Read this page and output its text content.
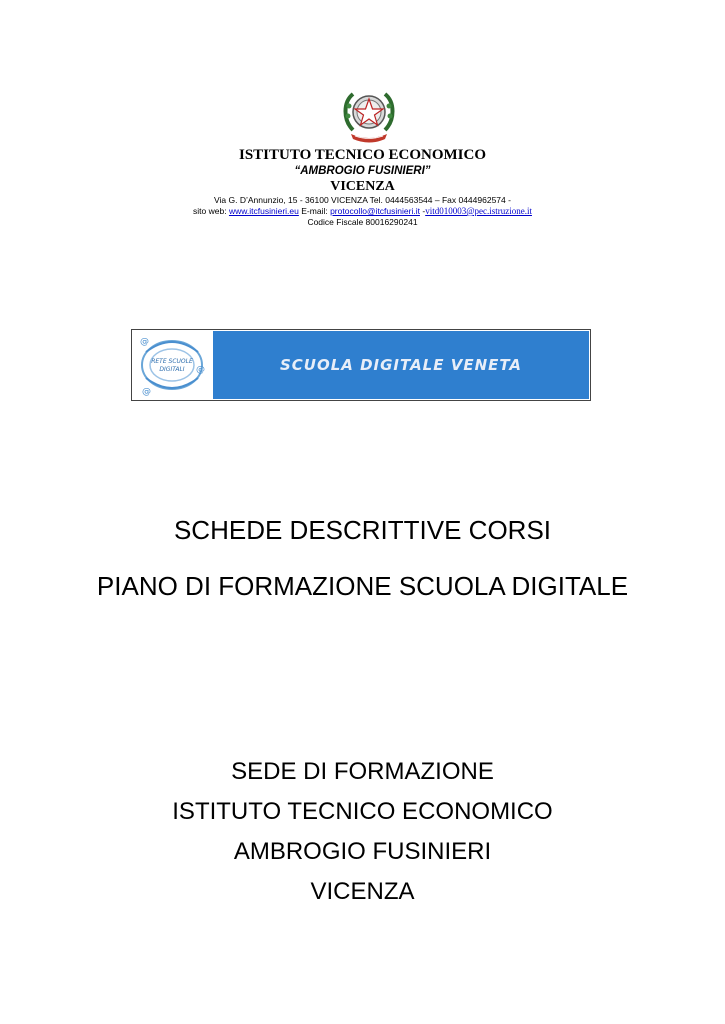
ISTITUTO TECNICO ECONOMICO
“AMBROGIO FUSINIERI”
VICENZA
Via G. D’Annunzio, 15 - 36100 VICENZA Tel. 0444563544 – Fax 0444962574 -
sito web: www.itcfusinieri.eu E-mail: protocollo@itcfusinieri.it -vitd010003@pec.istruzione.it
Codice Fiscale 80016290241
@
@
@
RETE SCUOLE
DIGITALI	SCUOLA DIGITALE VENETA
SCHEDE DESCRITTIVE CORSI
PIANO DI FORMAZIONE SCUOLA DIGITALE
SEDE DI FORMAZIONE
ISTITUTO TECNICO ECONOMICO
AMBROGIO FUSINIERI
VICENZA
